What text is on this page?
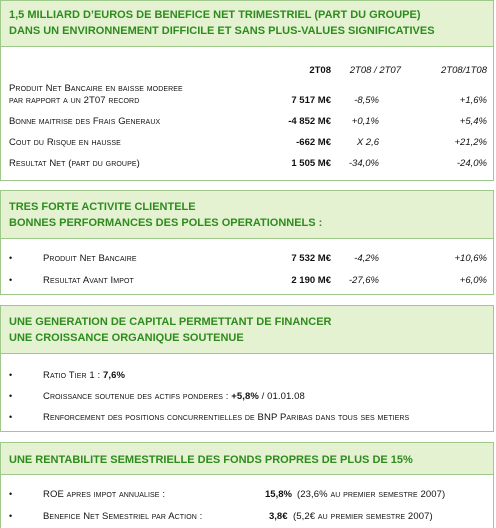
1,5 MILLIARD D’EUROS DE BENEFICE NET TRIMESTRIEL (PART DU GROUPE)
DANS UN ENVIRONNEMENT DIFFICILE ET SANS PLUS-VALUES SIGNIFICATIVES
2T08	2T08 / 2T07	2T08/1T08
Produit Net Bancaire en baisse moderee
par rapport a un 2T07 record	7 517 M€	-8,5%	+1,6%
Bonne maitrise des Frais Generaux	-4 852 M€	+0,1%	+5,4%
Cout du Risque en hausse	-662 M€	X 2,6	+21,2%
Resultat Net (part du groupe)	1 505 M€	-34,0%	-24,0%
TRES FORTE ACTIVITE CLIENTELE
BONNES PERFORMANCES DES POLES OPERATIONNELS :
•	Produit Net Bancaire	7 532 M€	-4,2%	+10,6%
•	Resultat Avant Impot	2 190 M€	-27,6%	+6,0%
UNE GENERATION DE CAPITAL PERMETTANT DE FINANCER
UNE CROISSANCE ORGANIQUE SOUTENUE
•	Ratio Tier 1 : 7,6%
•	Croissance soutenue des actifs ponderes : +5,8% / 01.01.08
•	Renforcement des positions concurrentielles de BNP Paribas dans tous ses metiers
UNE RENTABILITE SEMESTRIELLE DES FONDS PROPRES DE PLUS DE 15%
•	ROE apres impot annualise :	15,8% (23,6% au premier semestre 2007)
•	Benefice Net Semestriel par Action :	3,8€ (5,2€ au premier semestre 2007)
